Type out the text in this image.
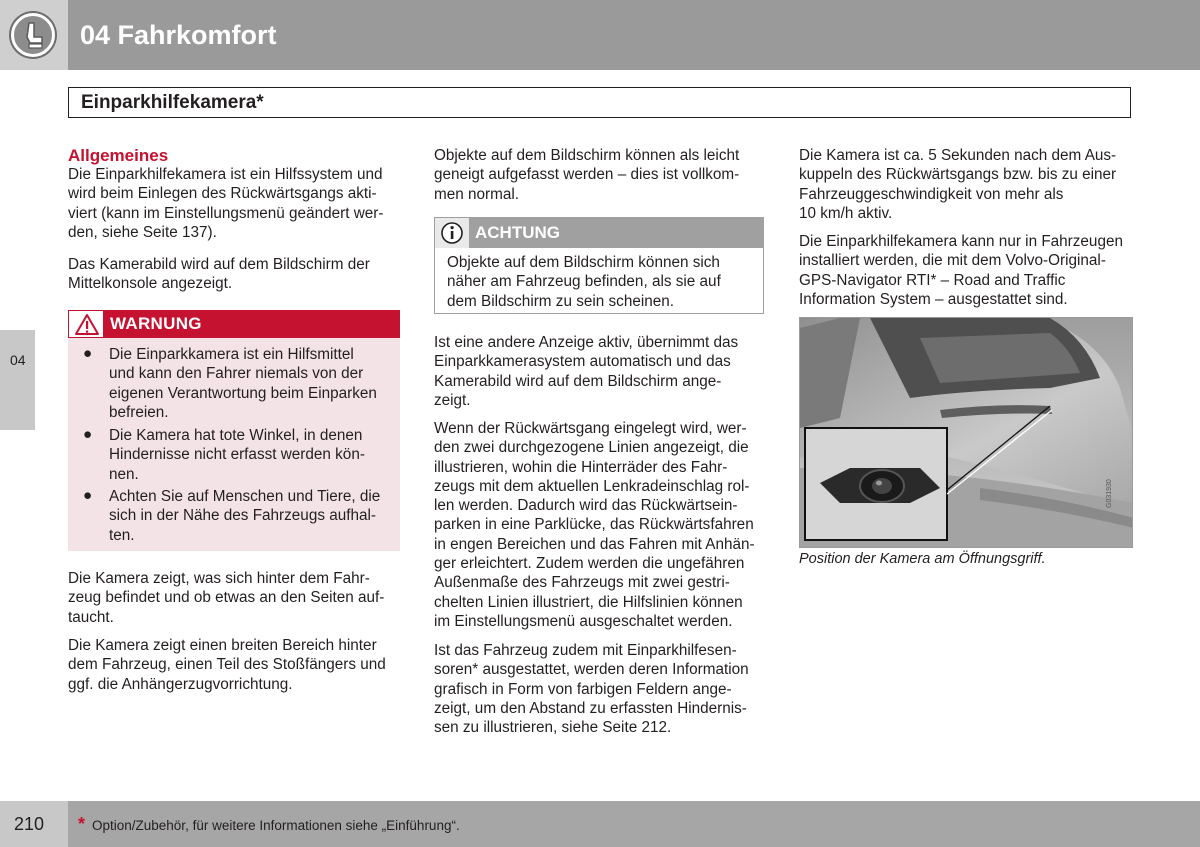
04 Fahrkomfort
Einparkhilfekamera*
04
Allgemeines
Die Einparkhilfekamera ist ein Hilfssystem und
wird beim Einlegen des Rückwärtsgangs akti-
viert (kann im Einstellungsmenü geändert wer-
den, siehe Seite 137).
Das Kamerabild wird auf dem Bildschirm der
Mittelkonsole angezeigt.
WARNUNG
● Die Einparkkamera ist ein Hilfsmittel
und kann den Fahrer niemals von der
eigenen Verantwortung beim Einparken
befreien.
● Die Kamera hat tote Winkel, in denen
Hindernisse nicht erfasst werden kön-
nen.
● Achten Sie auf Menschen und Tiere, die
sich in der Nähe des Fahrzeugs aufhal-
ten.
Die Kamera zeigt, was sich hinter dem Fahr-
zeug befindet und ob etwas an den Seiten auf-
taucht.
Die Kamera zeigt einen breiten Bereich hinter
dem Fahrzeug, einen Teil des Stoßfängers und
ggf. die Anhängerzugvorrichtung.
Objekte auf dem Bildschirm können als leicht
geneigt aufgefasst werden – dies ist vollkom-
men normal.
ACHTUNG
Objekte auf dem Bildschirm können sich
näher am Fahrzeug befinden, als sie auf
dem Bildschirm zu sein scheinen.
Ist eine andere Anzeige aktiv, übernimmt das
Einparkkamerasystem automatisch und das
Kamerabild wird auf dem Bildschirm ange-
zeigt.
Wenn der Rückwärtsgang eingelegt wird, wer-
den zwei durchgezogene Linien angezeigt, die
illustrieren, wohin die Hinterräder des Fahr-
zeugs mit dem aktuellen Lenkradeinschlag rol-
len werden. Dadurch wird das Rückwärtsein-
parken in eine Parklücke, das Rückwärtsfahren
in engen Bereichen und das Fahren mit Anhän-
ger erleichtert. Zudem werden die ungefähren
Außenmaße des Fahrzeugs mit zwei gestri-
chelten Linien illustriert, die Hilfslinien können
im Einstellungsmenü ausgeschaltet werden.
Ist das Fahrzeug zudem mit Einparkhilfesen-
soren* ausgestattet, werden deren Information
grafisch in Form von farbigen Feldern ange-
zeigt, um den Abstand zu erfassten Hindernis-
sen zu illustrieren, siehe Seite 212.
Die Kamera ist ca. 5 Sekunden nach dem Aus-
kuppeln des Rückwärtsgangs bzw. bis zu einer
Fahrzeuggeschwindigkeit von mehr als
10 km/h aktiv.
Die Einparkhilfekamera kann nur in Fahrzeugen
installiert werden, die mit dem Volvo-Original-
GPS-Navigator RTI* – Road and Traffic
Information System – ausgestattet sind.
G031930
Position der Kamera am Öffnungsgriff.
210 * Option/Zubehör, für weitere Informationen siehe „Einführung“.
